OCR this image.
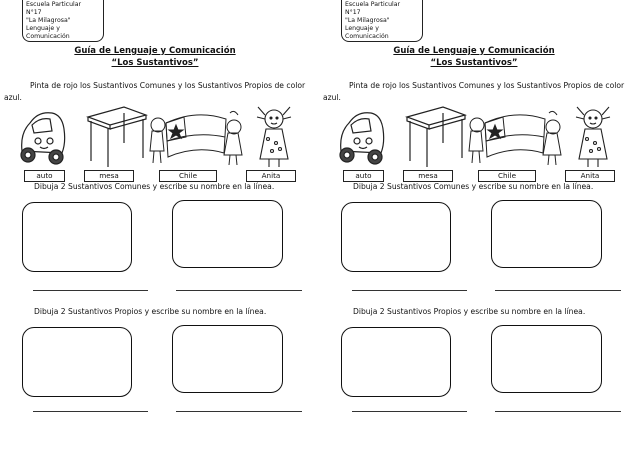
Escuela Particular
N°17
"La Milagrosa"
Lenguaje y
Comunicación
Guía de Lenguaje y Comunicación
“Los Sustantivos”
Pinta de rojo los Sustantivos Comunes y los Sustantivos Propios de color azul.
auto	mesa	Chile	Anita
Dibuja 2 Sustantivos Comunes y escribe su nombre en la línea.
Dibuja 2 Sustantivos Propios y escribe su nombre en la línea.
Escuela Particular
N°17
"La Milagrosa"
Lenguaje y
Comunicación
Guía de Lenguaje y Comunicación
“Los Sustantivos”
Pinta de rojo los Sustantivos Comunes y los Sustantivos Propios de color azul.
auto	mesa	Chile	Anita
Dibuja 2 Sustantivos Comunes y escribe su nombre en la línea.
Dibuja 2 Sustantivos Propios y escribe su nombre en la línea.
